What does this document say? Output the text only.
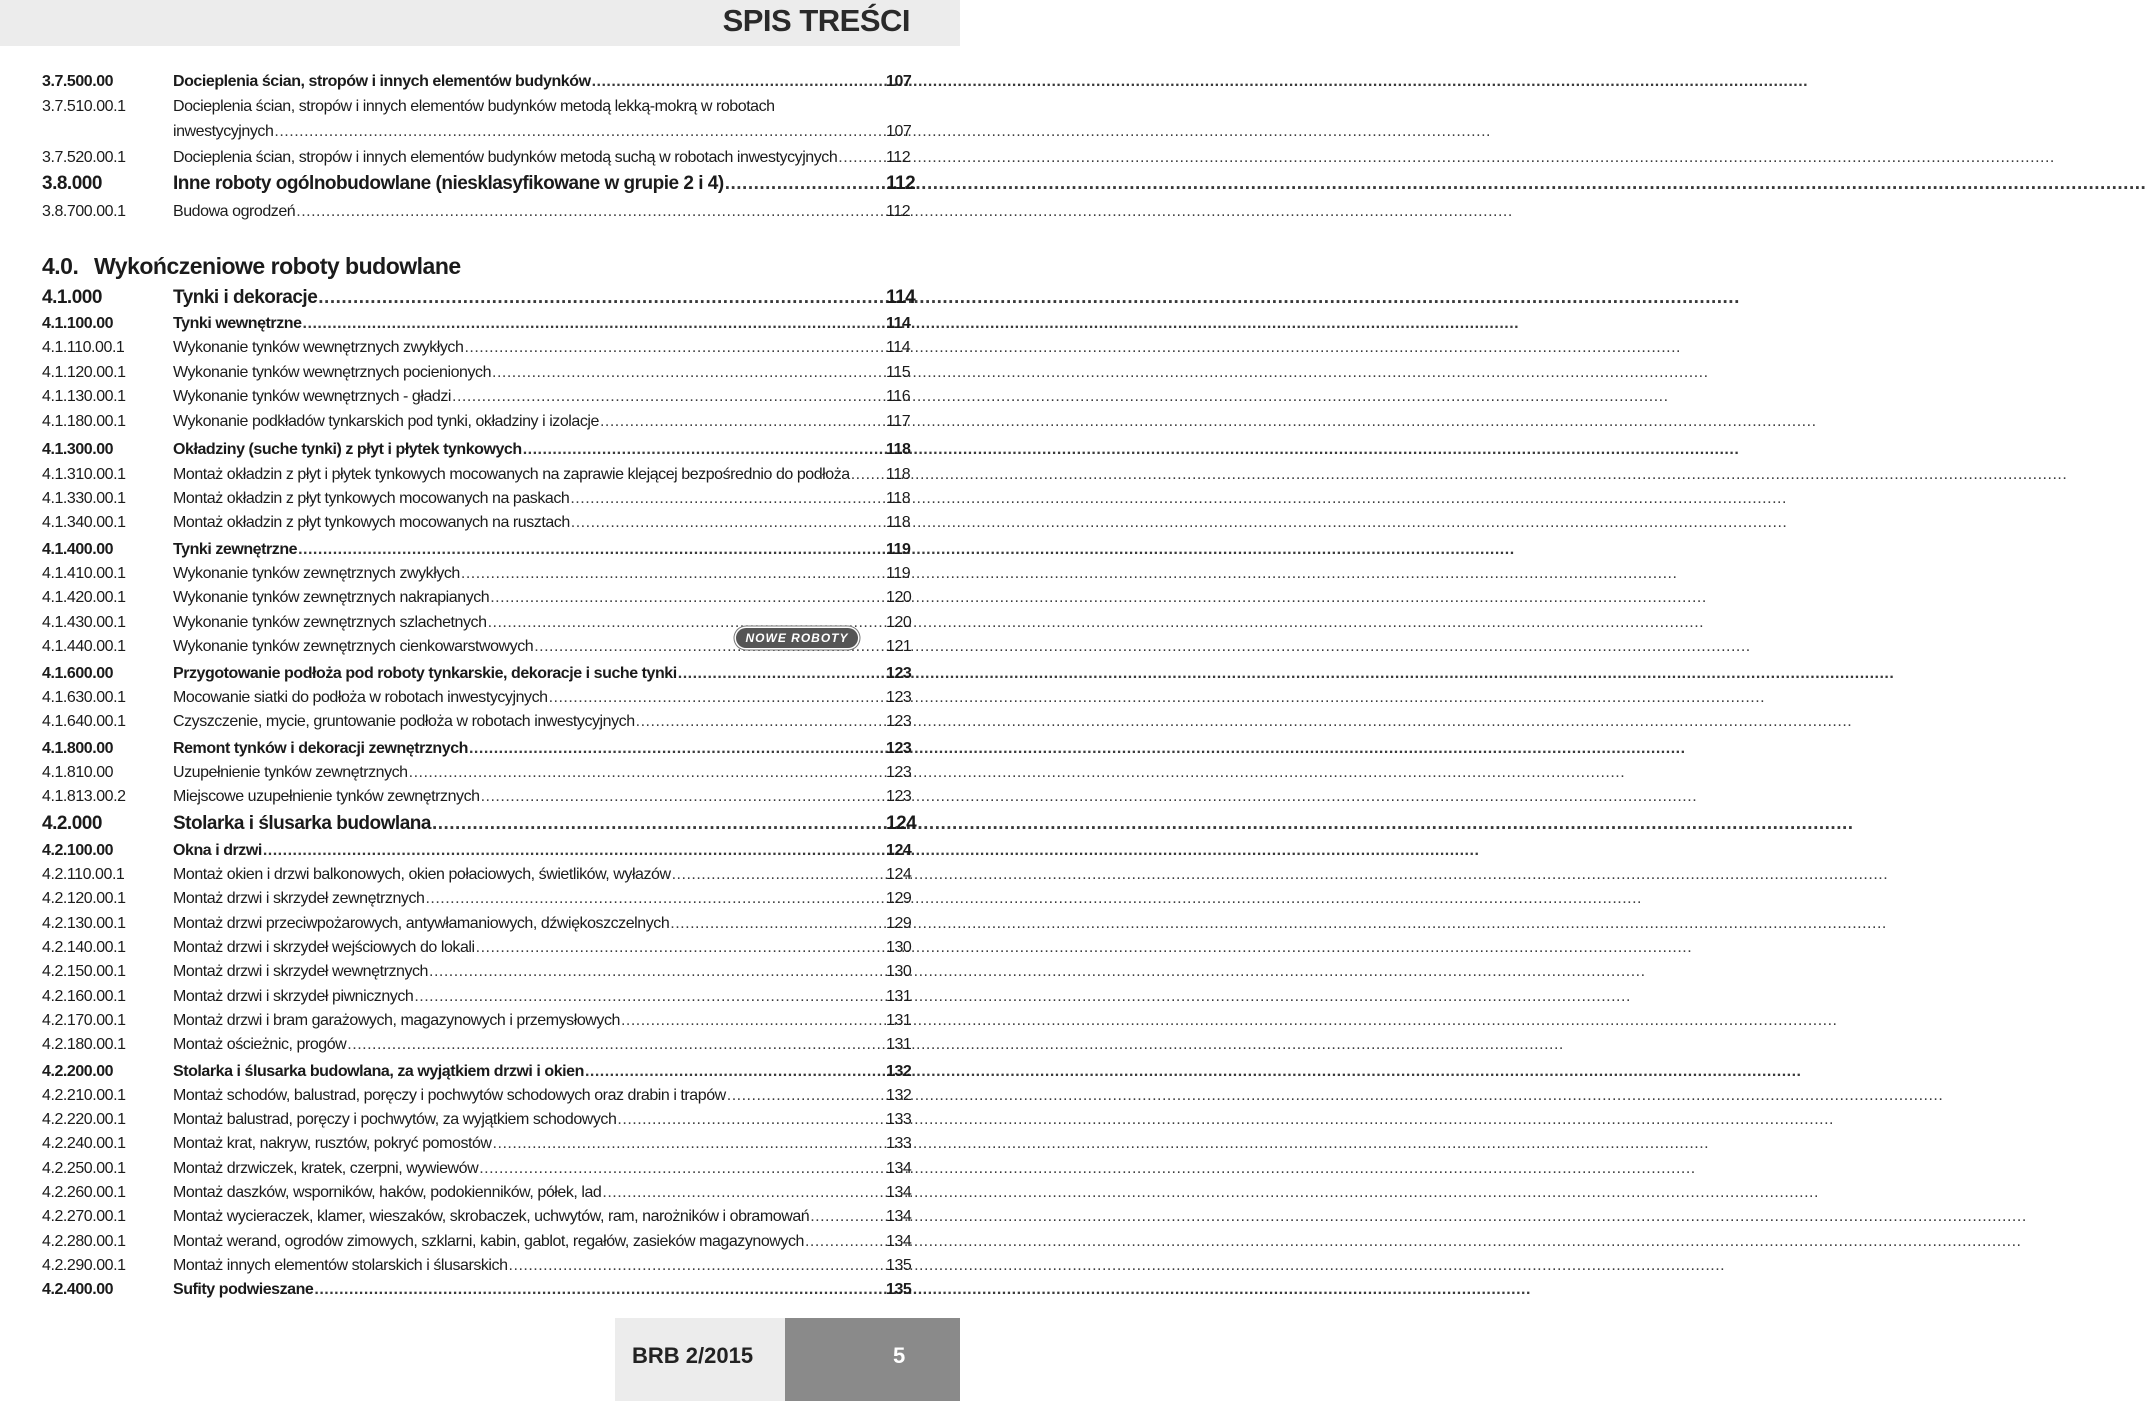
SPIS TREŚCI
3.7.500.00	Docieplenia ścian, stropów i innych elementów budynków .....	107
3.7.510.00.1	Docieplenia ścian, stropów i innych elementów budynków metodą lekką-mokrą w robotach
inwestycyjnych .....	107
3.7.520.00.1	Docieplenia ścian, stropów i innych elementów budynków metodą suchą w robotach inwestycyjnych .....	112
3.8.000	Inne roboty ogólnobudowlane (niesklasyfikowane w grupie 2 i 4) .....	112
3.8.700.00.1	Budowa ogrodzeń .....	112
4.0. Wykończeniowe roboty budowlane
4.1.000	Tynki i dekoracje .....	114
4.1.100.00	Tynki wewnętrzne .....	114
4.1.110.00.1	Wykonanie tynków wewnętrznych zwykłych .....	114
4.1.120.00.1	Wykonanie tynków wewnętrznych pocienionych .....	115
4.1.130.00.1	Wykonanie tynków wewnętrznych - gładzi .....	116
4.1.180.00.1	Wykonanie podkładów tynkarskich pod tynki, okładziny i izolacje .....	117
4.1.300.00	Okładziny (suche tynki) z płyt i płytek tynkowych .....	118
4.1.310.00.1	Montaż okładzin z płyt i płytek tynkowych mocowanych na zaprawie klejącej bezpośrednio do podłoża ..... 118
4.1.330.00.1	Montaż okładzin z płyt tynkowych mocowanych na paskach .....	118
4.1.340.00.1	Montaż okładzin z płyt tynkowych mocowanych na rusztach .....	118
4.1.400.00	Tynki zewnętrzne .....	119
4.1.410.00.1	Wykonanie tynków zewnętrznych zwykłych .....	119
4.1.420.00.1	Wykonanie tynków zewnętrznych nakrapianych .....	120
4.1.430.00.1	Wykonanie tynków zewnętrznych szlachetnych .....	120
4.1.440.00.1	Wykonanie tynków zewnętrznych cienkowarstwowych .....	121
4.1.600.00	Przygotowanie podłoża pod roboty tynkarskie, dekoracje i suche tynki .....	123
4.1.630.00.1	Mocowanie siatki do podłoża w robotach inwestycyjnych .....	123
4.1.640.00.1	Czyszczenie, mycie, gruntowanie podłoża w robotach inwestycyjnych .....	123
4.1.800.00	Remont tynków i dekoracji zewnętrznych .....	123
4.1.810.00	Uzupełnienie tynków zewnętrznych .....	123
4.1.813.00.2	Miejscowe uzupełnienie tynków zewnętrznych .....	123
4.2.000	Stolarka i ślusarka budowlana .....	124
4.2.100.00	Okna i drzwi .....	124
4.2.110.00.1	Montaż okien i drzwi balkonowych, okien połaciowych, świetlików, wyłazów .....	124
4.2.120.00.1	Montaż drzwi i skrzydeł zewnętrznych .....	129
4.2.130.00.1	Montaż drzwi przeciwpożarowych, antywłamaniowych, dźwiękoszczelnych .....	129
4.2.140.00.1	Montaż drzwi i skrzydeł wejściowych do lokali .....	130
4.2.150.00.1	Montaż drzwi i skrzydeł wewnętrznych .....	130
4.2.160.00.1	Montaż drzwi i skrzydeł piwnicznych .....	131
4.2.170.00.1	Montaż drzwi i bram garażowych, magazynowych i przemysłowych .....	131
4.2.180.00.1	Montaż ościeżnic, progów .....	131
4.2.200.00	Stolarka i ślusarka budowlana, za wyjątkiem drzwi i okien .....	132
4.2.210.00.1	Montaż schodów, balustrad, poręczy i pochwytów schodowych oraz drabin i trapów .....	132
4.2.220.00.1	Montaż balustrad, poręczy i pochwytów, za wyjątkiem schodowych .....	133
4.2.240.00.1	Montaż krat, nakryw, rusztów, pokryć pomostów .....	133
4.2.250.00.1	Montaż drzwiczek, kratek, czerpni, wywiewów .....	134
4.2.260.00.1	Montaż daszków, wsporników, haków, podokienników, półek, lad .....	134
4.2.270.00.1	Montaż wycieraczek, klamer, wieszaków, skrobaczek, uchwytów, ram, narożników i obramowań .....	134
4.2.280.00.1	Montaż werand, ogrodów zimowych, szklarni, kabin, gablot, regałów, zasieków magazynowych .....	134
4.2.290.00.1	Montaż innych elementów stolarskich i ślusarskich .....	135
4.2.400.00	Sufity podwieszane .....	135
NOWE ROBOTY
BRB 2/2015	5
